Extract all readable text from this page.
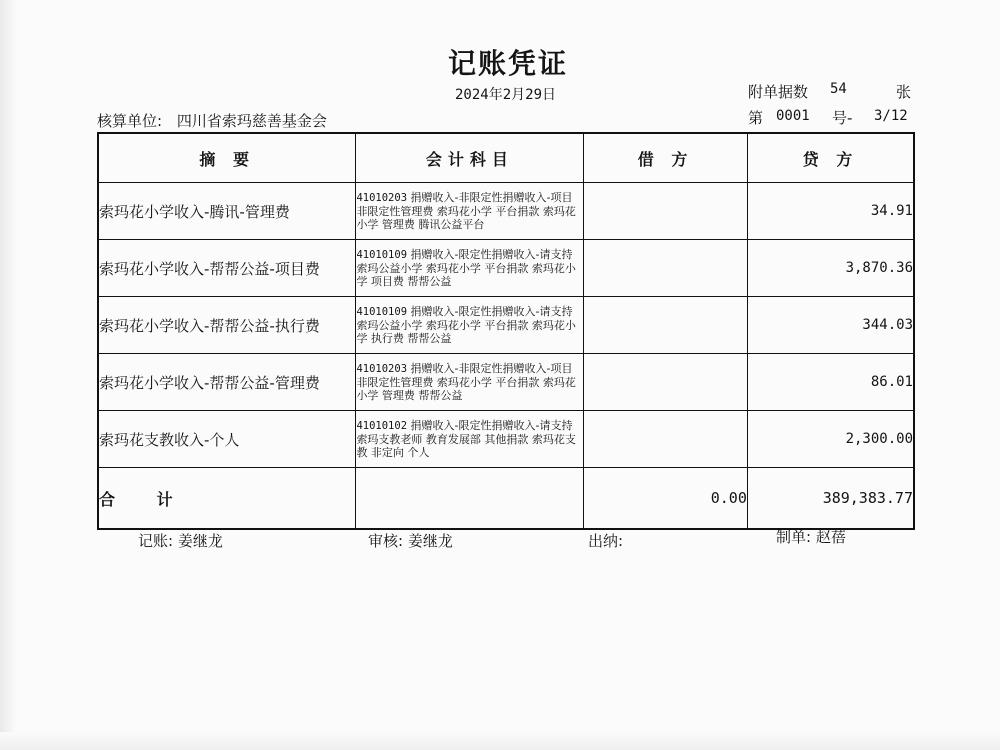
记账凭证
2024年2月29日	附单据数 54	张
核算单位: 四川省索玛慈善基金会	第 0001 号- 3/12
摘 要	会计科目	借 方	贷 方
索玛花小学收入-腾讯-管理费	41010203 捐赠收入-非限定性捐赠收入-项目非限定性管理费 索玛花小学 平台捐款 索玛花小学 管理费 腾讯公益平台		34.91
索玛花小学收入-帮帮公益-项目费	41010109 捐赠收入-限定性捐赠收入-请支持索玛公益小学 索玛花小学 平台捐款 索玛花小学 项目费 帮帮公益		3,870.36
索玛花小学收入-帮帮公益-执行费	41010109 捐赠收入-限定性捐赠收入-请支持索玛公益小学 索玛花小学 平台捐款 索玛花小学 执行费 帮帮公益		344.03
索玛花小学收入-帮帮公益-管理费	41010203 捐赠收入-非限定性捐赠收入-项目非限定性管理费 索玛花小学 平台捐款 索玛花小学 管理费 帮帮公益		86.01
索玛花支教收入-个人	41010102 捐赠收入-限定性捐赠收入-请支持索玛支教老师 教育发展部 其他捐款 索玛花支教 非定向 个人		2,300.00
合 计		0.00	389,383.77
记账: 姜继龙	审核: 姜继龙	出纳:	制单: 赵蓓
